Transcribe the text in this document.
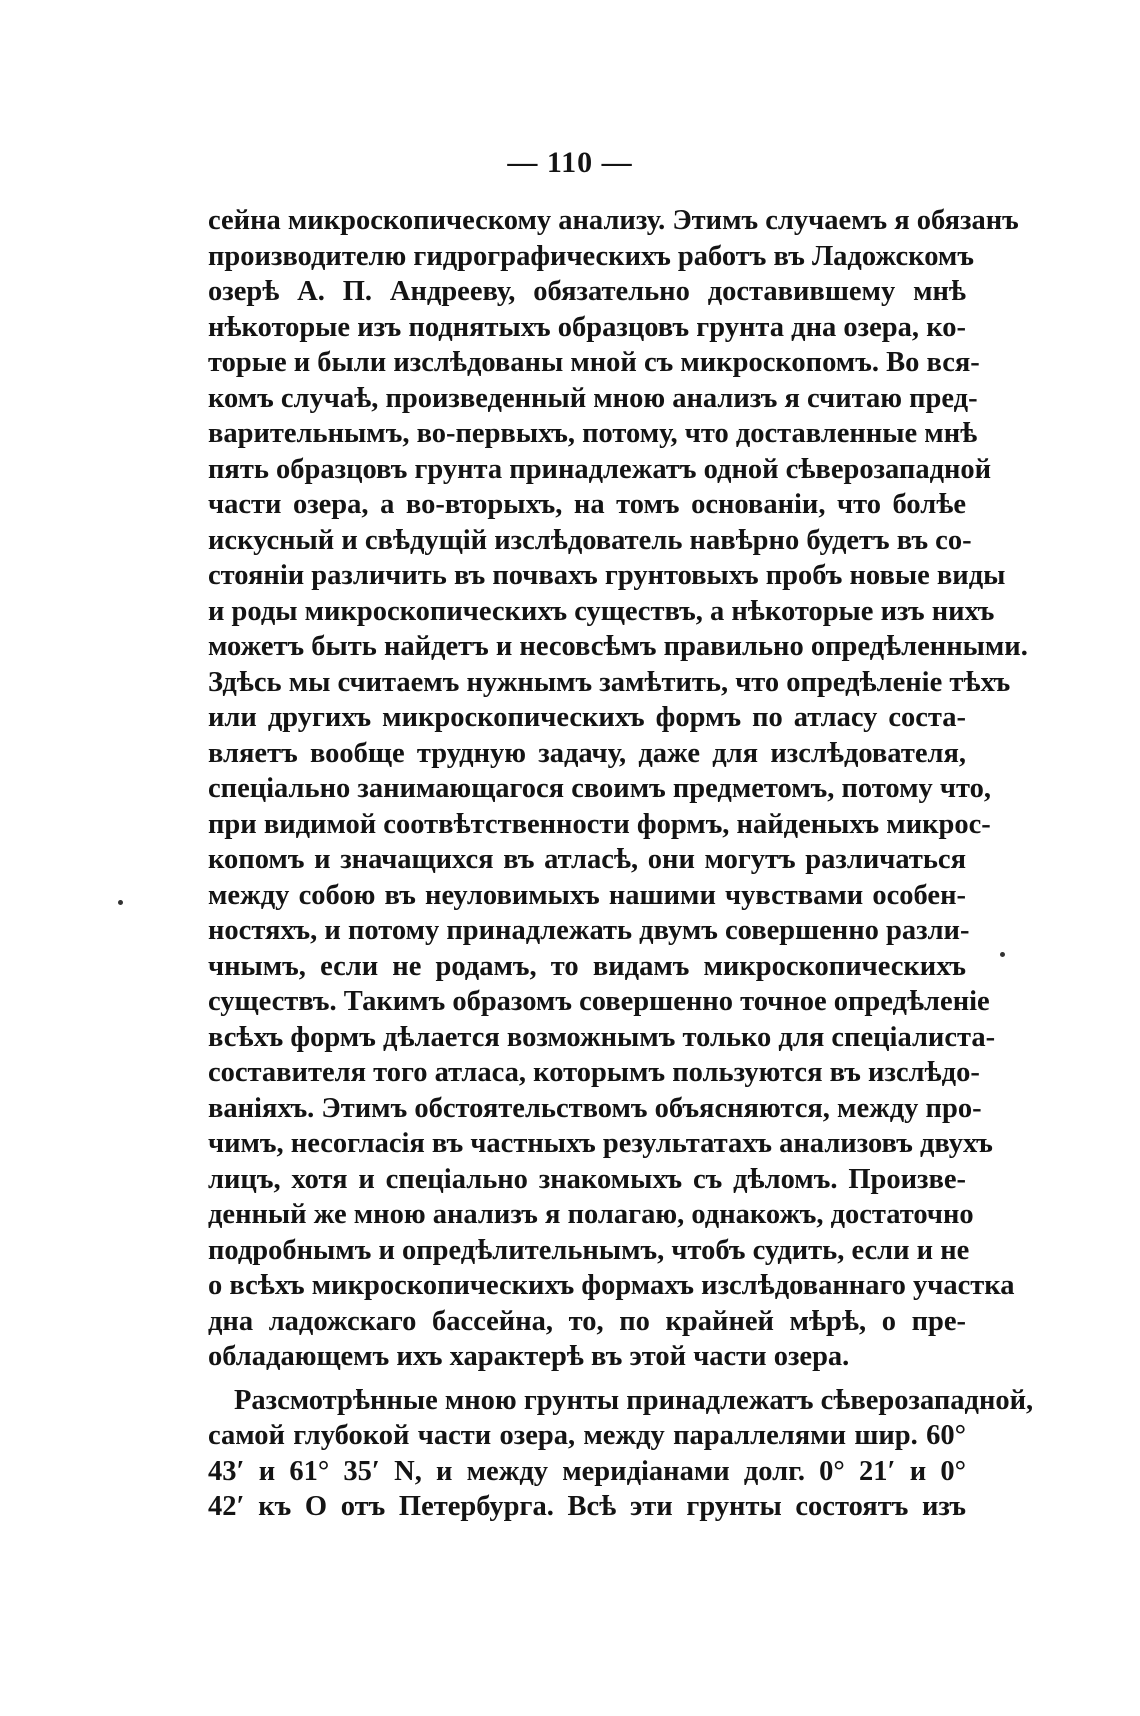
— 110 —
сейна микроскопическому анализу. Этимъ случаемъ я обязанъ
производителю гидрографическихъ работъ въ Ладожскомъ
озерѣ А. П. Андрееву, обязательно доставившему мнѣ
нѣкоторые изъ поднятыхъ образцовъ грунта дна озера, ко-
торые и были изслѣдованы мной съ микроскопомъ. Во вся-
комъ случаѣ, произведенный мною анализъ я считаю пред-
варительнымъ, во-первыхъ, потому, что доставленные мнѣ
пять образцовъ грунта принадлежатъ одной сѣверозападной
части озера, а во-вторыхъ, на томъ основаніи, что болѣе
искусный и свѣдущій изслѣдователь навѣрно будетъ въ со-
стояніи различить въ почвахъ грунтовыхъ пробъ новые виды
и роды микроскопическихъ существъ, а нѣкоторые изъ нихъ
можетъ быть найдетъ и несовсѣмъ правильно опредѣленными.
Здѣсь мы считаемъ нужнымъ замѣтить, что опредѣленіе тѣхъ
или другихъ микроскопическихъ формъ по атласу соста-
вляетъ вообще трудную задачу, даже для изслѣдователя,
спеціально занимающагося своимъ предметомъ, потому что,
при видимой соотвѣтственности формъ, найденыхъ микрос-
копомъ и значащихся въ атласѣ, они могутъ различаться
между собою въ неуловимыхъ нашими чувствами особен-
ностяхъ, и потому принадлежать двумъ совершенно разли-
чнымъ, если не родамъ, то видамъ микроскопическихъ
существъ. Такимъ образомъ совершенно точное опредѣленіе
всѣхъ формъ дѣлается возможнымъ только для спеціалиста-
составителя того атласа, которымъ пользуются въ изслѣдо-
ваніяхъ. Этимъ обстоятельствомъ объясняются, между про-
чимъ, несогласія въ частныхъ результатахъ анализовъ двухъ
лицъ, хотя и спеціально знакомыхъ съ дѣломъ. Произве-
денный же мною анализъ я полагаю, однакожъ, достаточно
подробнымъ и опредѣлительнымъ, чтобъ судить, если и не
о всѣхъ микроскопическихъ формахъ изслѣдованнаго участка
дна ладожскаго бассейна, то, по крайней мѣрѣ, о пре-
обладающемъ ихъ характерѣ въ этой части озера.
Разсмотрѣнные мною грунты принадлежатъ сѣверозападной,
самой глубокой части озера, между параллелями шир. 60°
43′ и 61° 35′ N, и между меридіанами долг. 0° 21′ и 0°
42′ къ О отъ Петербурга. Всѣ эти грунты состоятъ изъ
